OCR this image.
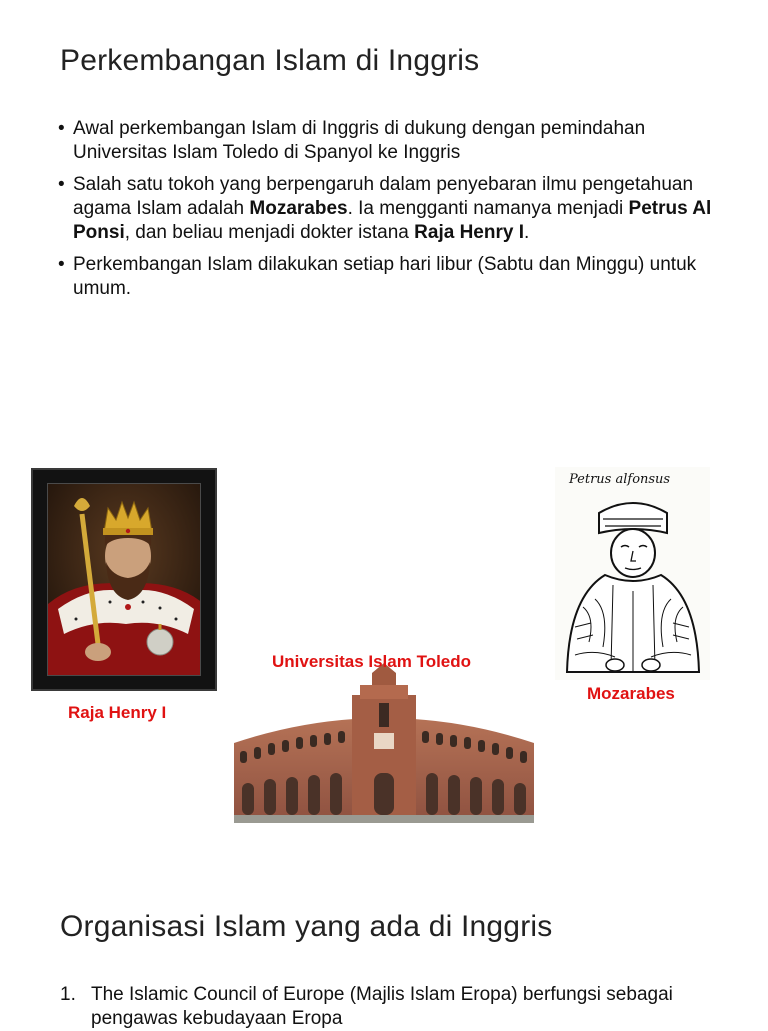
Perkembangan Islam di Inggris
• Awal perkembangan Islam di Inggris di dukung dengan pemindahan Universitas Islam Toledo di Spanyol ke Inggris
• Salah satu tokoh yang berpengaruh dalam penyebaran ilmu pengetahuan agama Islam adalah Mozarabes. Ia mengganti namanya menjadi Petrus Al Ponsi, dan beliau menjadi dokter istana Raja Henry I.
• Perkembangan Islam dilakukan setiap hari libur (Sabtu dan Minggu) untuk umum.
Raja Henry I
Universitas Islam Toledo
Petrus alfonsus
Mozarabes
Organisasi Islam yang ada di Inggris
1. The Islamic Council of Europe (Majlis Islam Eropa) berfungsi sebagai pengawas kebudayaan Eropa
